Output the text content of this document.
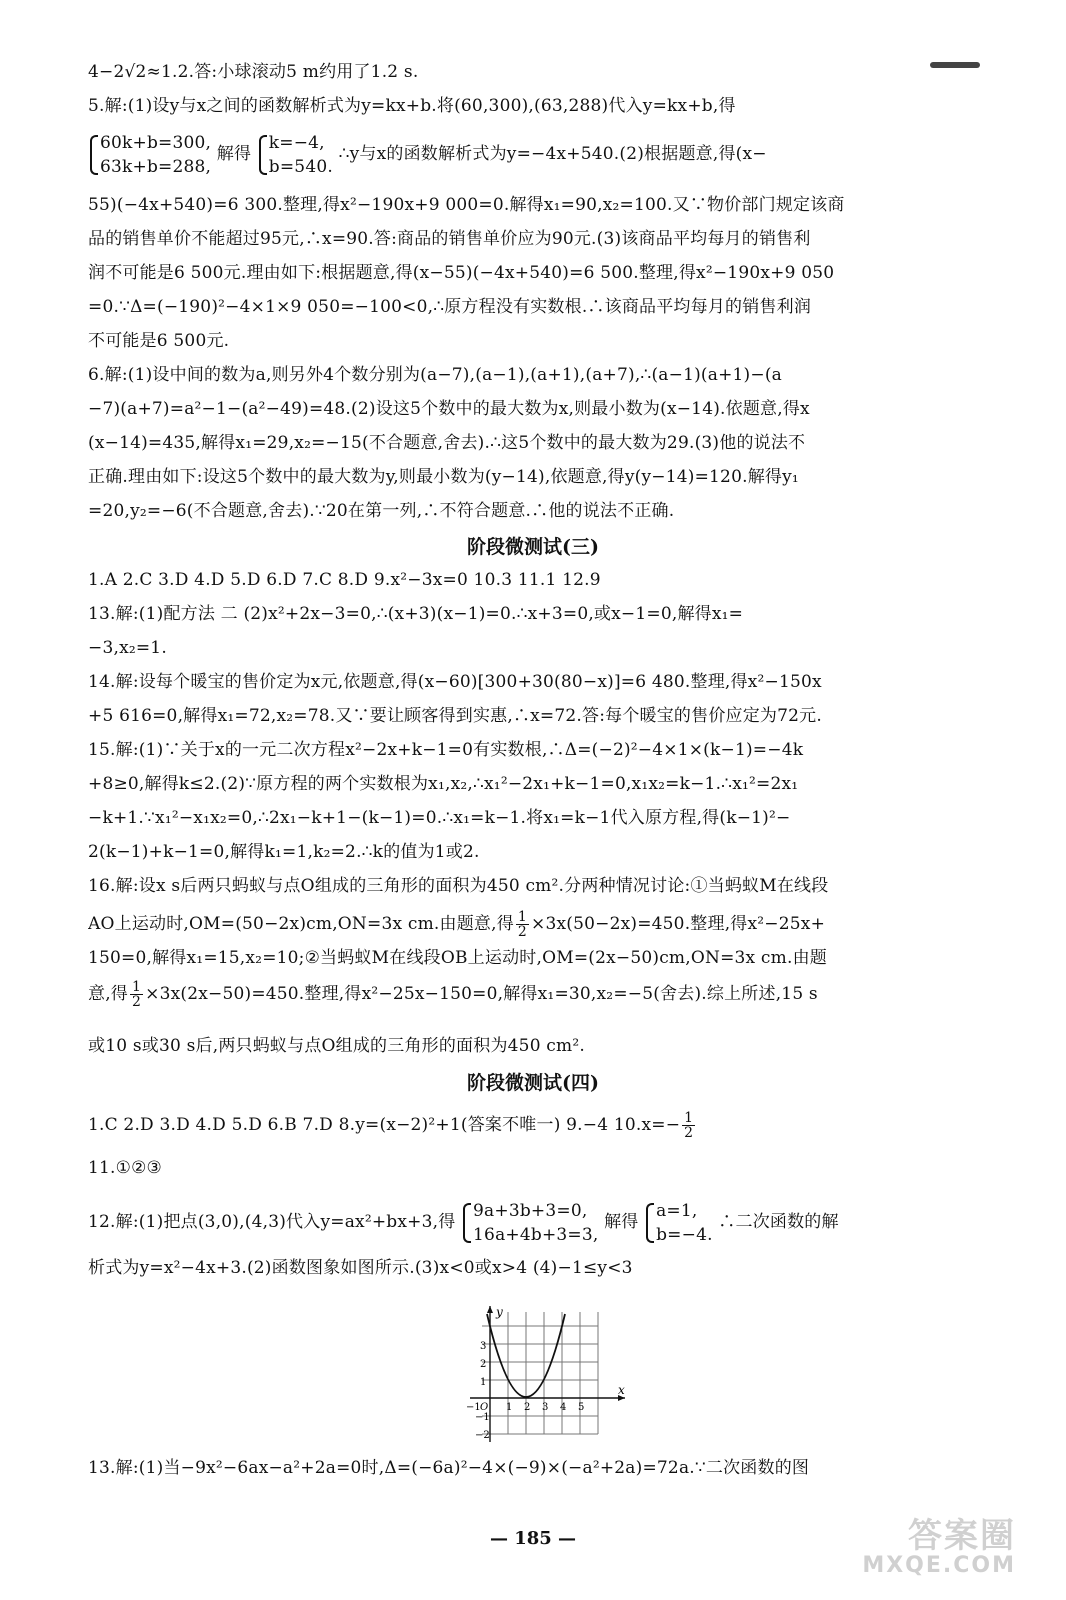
4−2√2≈1.2.答:小球滚动5 m约用了1.2 s.
5.解:(1)设y与x之间的函数解析式为y=kx+b.将(60,300),(63,288)代入y=kx+b,得
60k+b=300,
63k+b=288,
解得
k=−4,
b=540.
∴y与x的函数解析式为y=−4x+540.(2)根据题意,得(x−
55)(−4x+540)=6 300.整理,得x²−190x+9 000=0.解得x₁=90,x₂=100.又∵物价部门规定该商
品的销售单价不能超过95元,∴x=90.答:商品的销售单价应为90元.(3)该商品平均每月的销售利
润不可能是6 500元.理由如下:根据题意,得(x−55)(−4x+540)=6 500.整理,得x²−190x+9 050
=0.∵Δ=(−190)²−4×1×9 050=−100<0,∴原方程没有实数根.∴该商品平均每月的销售利润
不可能是6 500元.
6.解:(1)设中间的数为a,则另外4个数分别为(a−7),(a−1),(a+1),(a+7),∴(a−1)(a+1)−(a
−7)(a+7)=a²−1−(a²−49)=48.(2)设这5个数中的最大数为x,则最小数为(x−14).依题意,得x
(x−14)=435,解得x₁=29,x₂=−15(不合题意,舍去).∴这5个数中的最大数为29.(3)他的说法不
正确.理由如下:设这5个数中的最大数为y,则最小数为(y−14),依题意,得y(y−14)=120.解得y₁
=20,y₂=−6(不合题意,舍去).∵20在第一列,∴不符合题意.∴他的说法不正确.
阶段微测试(三)
1.A 2.C 3.D 4.D 5.D 6.D 7.C 8.D 9.x²−3x=0 10.3 11.1 12.9
13.解:(1)配方法 二 (2)x²+2x−3=0,∴(x+3)(x−1)=0.∴x+3=0,或x−1=0,解得x₁=
−3,x₂=1.
14.解:设每个暖宝的售价定为x元,依题意,得(x−60)[300+30(80−x)]=6 480.整理,得x²−150x
+5 616=0,解得x₁=72,x₂=78.又∵要让顾客得到实惠,∴x=72.答:每个暖宝的售价应定为72元.
15.解:(1)∵关于x的一元二次方程x²−2x+k−1=0有实数根,∴Δ=(−2)²−4×1×(k−1)=−4k
+8≥0,解得k≤2.(2)∵原方程的两个实数根为x₁,x₂,∴x₁²−2x₁+k−1=0,x₁x₂=k−1.∴x₁²=2x₁
−k+1.∵x₁²−x₁x₂=0,∴2x₁−k+1−(k−1)=0.∴x₁=k−1.将x₁=k−1代入原方程,得(k−1)²−
2(k−1)+k−1=0,解得k₁=1,k₂=2.∴k的值为1或2.
16.解:设x s后两只蚂蚁与点O组成的三角形的面积为450 cm².分两种情况讨论:①当蚂蚁M在线段
AO上运动时,OM=(50−2x)cm,ON=3x cm.由题意,得 $\frac{1}{2} \times 3x(50-2x)=450$.整理,得x²−25x+
150=0,解得x₁=15,x₂=10;②当蚂蚁M在线段OB上运动时,OM=(2x−50)cm,ON=3x cm.由题
意,得 $\frac{1}{2} \times 3x(2x-50)=450$.整理,得x²−25x−150=0,解得x₁=30,x₂=−5(舍去).综上所述,15 s
或10 s或30 s后,两只蚂蚁与点O组成的三角形的面积为450 cm².
阶段微测试(四)
1.C 2.D 3.D 4.D 5.D 6.B 7.D 8.y=(x−2)²+1(答案不唯一) 9.−4 $10.x=- \frac{1}{2}$
11.①②③
12.解:(1)把点(3,0),(4,3)代入y=ax²+bx+3,得
9a+3b+3=0,
16a+4b+3=3,
解得
a=1,
b=−4.
∴二次函数的解
析式为y=x²−4x+3.(2)函数图象如图所示.(3)x<0或x>4 (4)−1≤y<3
y
x
3
2
1
−1
−2
−1 O 1 2 3 4 5
13.解:(1)当−9x²−6ax−a²+2a=0时,Δ=(−6a)²−4×(−9)×(−a²+2a)=72a.∵二次函数的图
— 185 —	答案圈
MXQE.COM
